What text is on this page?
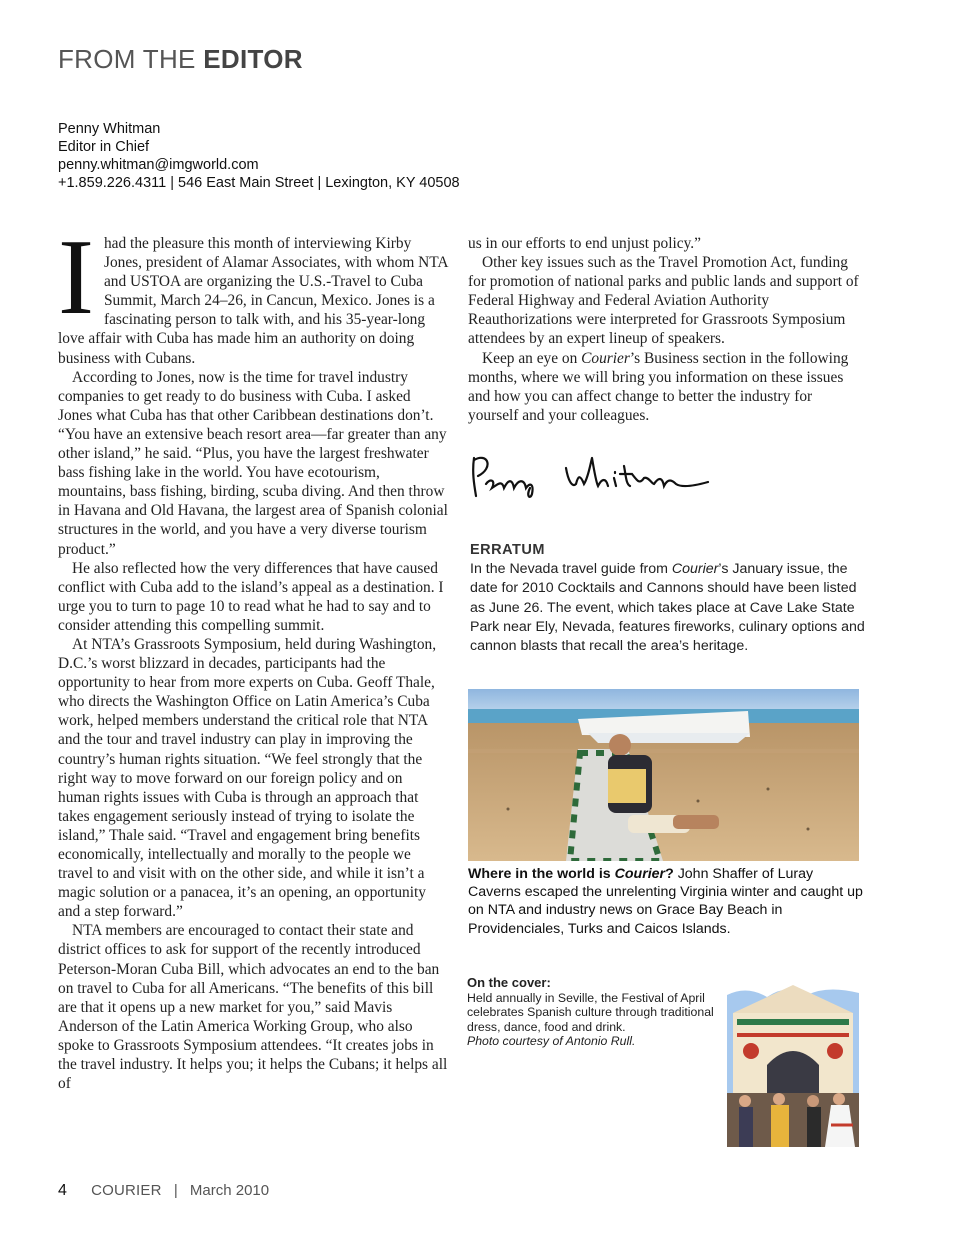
FROM THE EDITOR
Penny Whitman
Editor in Chief
penny.whitman@imgworld.com
+1.859.226.4311 | 546 East Main Street | Lexington, KY 40508

Ihad the pleasure this month of interviewing Kirby Jones, president of Alamar Associates, with whom NTA and USTOA are organizing the U.S.-Travel to Cuba Summit, March 24–26, in Cancun, Mexico. Jones is a fascinating person to talk with, and his 35-year-long love affair with Cuba has made him an authority on doing business with Cubans.

According to Jones, now is the time for travel industry companies to get ready to do business with Cuba. I asked Jones what Cuba has that other Caribbean destinations don’t. “You have an extensive beach resort area—far greater than any other island,” he said. “Plus, you have the largest freshwater bass fishing lake in the world. You have ecotourism, mountains, bass fishing, birding, scuba diving. And then throw in Havana and Old Havana, the largest area of Spanish colonial structures in the world, and you have a very diverse tourism product.”

He also reflected how the very differences that have caused conflict with Cuba add to the island’s appeal as a destination. I urge you to turn to page 10 to read what he had to say and to consider attending this compelling summit.

At NTA’s Grassroots Symposium, held during Washington, D.C.’s worst blizzard in decades, participants had the opportunity to hear from more experts on Cuba. Geoff Thale, who directs the Washington Office on Latin America’s Cuba work, helped members understand the critical role that NTA and the tour and travel industry can play in improving the country’s human rights situation. “We feel strongly that the right way to move forward on our foreign policy and on human rights issues with Cuba is through an approach that takes engagement seriously instead of trying to isolate the island,” Thale said. “Travel and engagement bring benefits economically, intellectually and morally to the people we travel to and visit with on the other side, and while it isn’t a magic solution or a panacea, it’s an opening, an opportunity and a step forward.”

NTA members are encouraged to contact their state and district offices to ask for support of the recently introduced Peterson-Moran Cuba Bill, which advocates an end to the ban on travel to Cuba for all Americans. “The benefits of this bill are that it opens up a new market for you,” said Mavis Anderson of the Latin America Working Group, who also spoke to Grassroots Symposium attendees. “It creates jobs in the travel industry. It helps you; it helps the Cubans; it helps all of

us in our efforts to end unjust policy.”

Other key issues such as the Travel Promotion Act, funding for promotion of national parks and public lands and support of Federal Highway and Federal Aviation Authority Reauthorizations were interpreted for Grassroots Symposium attendees by an expert lineup of speakers.

Keep an eye on Courier’s Business section in the following months, where we will bring you information on these issues and how you can affect change to better the industry for yourself and your colleagues.

Penny Whitman
ERRATUM
In the Nevada travel guide from Courier’s January issue, the date for 2010 Cocktails and Cannons should have been listed as June 26. The event, which takes place at Cave Lake State Park near Ely, Nevada, features fireworks, culinary options and cannon blasts that recall the area’s heritage.
Where in the world is Courier? John Shaffer of Luray Caverns escaped the unrelenting Virginia winter and caught up on NTA and industry news on Grace Bay Beach in Providenciales, Turks and Caicos Islands.
On the cover:
Held annually in Seville, the Festival of April celebrates Spanish culture through traditional dress, dance, food and drink.
Photo courtesy of Antonio Rull.
4 COURIER | March 2010
